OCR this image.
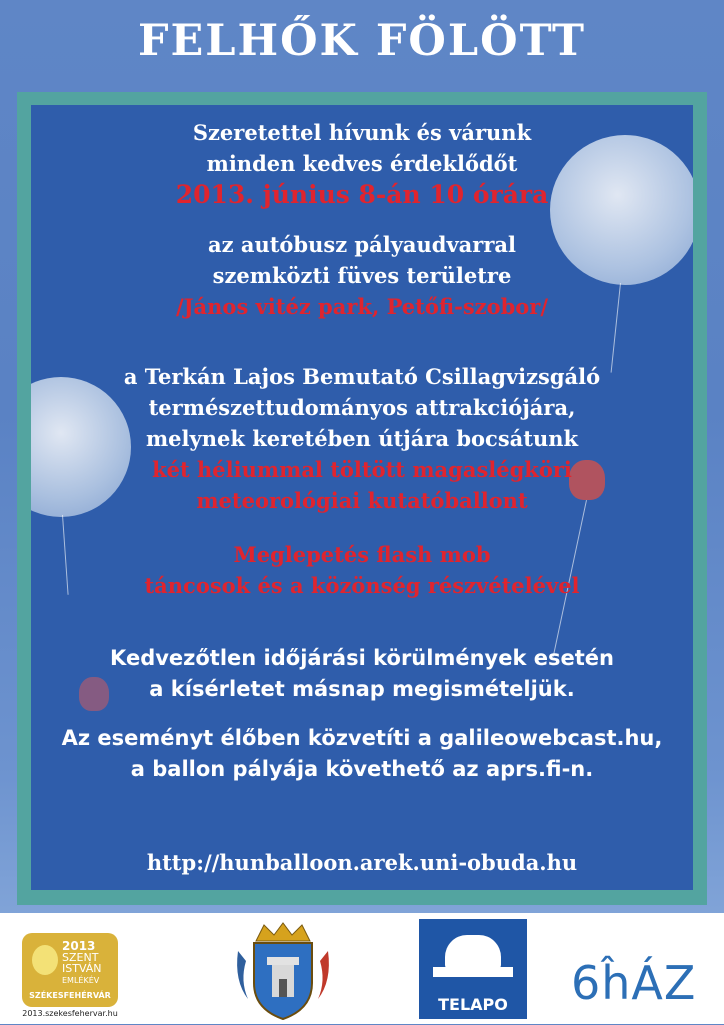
FELHŐK FÖLÖTT
Szeretettel hívunk és várunk
minden kedves érdeklődőt
2013. június 8-án 10 órára
az autóbusz pályaudvarral
szemközti füves területre
/János vitéz park, Petőfi-szobor/
a Terkán Lajos Bemutató Csillagvizsgáló
természettudományos attrakciójára,
melynek keretében útjára bocsátunk
két héliummal töltött magaslégköri
meteorológiai kutatóballont
Meglepetés flash mob
táncosok és a közönség részvételével
Kedvezőtlen időjárási körülmények esetén
a kísérletet másnap megismételjük.
Az eseményt élőben közvetíti a galileowebcast.hu,
a ballon pályája követhető az aprs.fi-n.
http://hunballoon.arek.uni-obuda.hu
2013
SZENT
ISTVÁN
EMLÉKÉV
SZÉKESFEHÉRVÁR
2013.szekesfehervar.hu	TELAPO	6ĥÁZ
